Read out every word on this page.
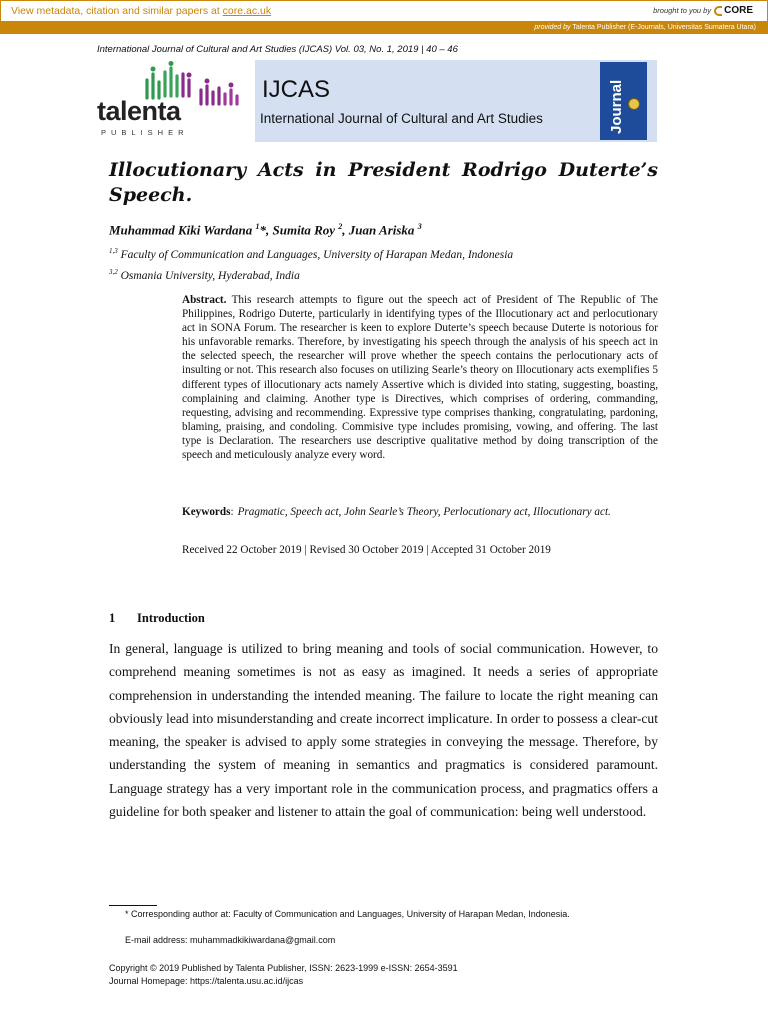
View metadata, citation and similar papers at core.ac.uk	brought to you by CORE
provided by Talenta Publisher (E-Journals, Universitas Sumatera Utara)
International Journal of Cultural and Art Studies (IJCAS) Vol. 03, No. 1, 2019 | 40 – 46
talenta
PUBLISHER
IJCAS
International Journal of Cultural and Art Studies	Journal
Illocutionary Acts in President Rodrigo Duterte’s
Speech.
Muhammad Kiki Wardana $^1$*, Sumita Roy $^2$, Juan Ariska $^3$
$^{1,3}$ Faculty of Communication and Languages, University of Harapan Medan, Indonesia
$^{3,2}$ Osmania University, Hyderabad, India
Abstract. This research attempts to figure out the speech act of President of The Republic of The Philippines, Rodrigo Duterte, particularly in identifying types of the Illocutionary act and perlocutionary act in SONA Forum. The researcher is keen to explore Duterte’s speech because Duterte is notorious for his unfavorable remarks. Therefore, by investigating his speech through the analysis of his speech act in the selected speech, the researcher will prove whether the speech contains the perlocutionary acts of insulting or not. This research also focuses on utilizing Searle’s theory on Illocutionary acts exemplifies 5 different types of illocutionary acts namely Assertive which is divided into stating, suggesting, boasting, complaining and claiming. Another type is Directives, which comprises of ordering, commanding, requesting, advising and recommending. Expressive type comprises thanking, congratulating, pardoning, blaming, praising, and condoling. Commisive type includes promising, vowing, and offering. The last type is Declaration. The researchers use descriptive qualitative method by doing transcription of the speech and meticulously analyze every word.
Keywords : Pragmatic, Speech act, John Searle’s Theory, Perlocutionary act, Illocutionary act.
Received 22 October 2019 | Revised 30 October 2019 | Accepted 31 October 2019
1 Introduction
In general, language is utilized to bring meaning and tools of social communication. However, to comprehend meaning sometimes is not as easy as imagined. It needs a series of appropriate comprehension in understanding the intended meaning. The failure to locate the right meaning can obviously lead into misunderstanding and create incorrect implicature. In order to possess a clear-cut meaning, the speaker is advised to apply some strategies in conveying the message. Therefore, by understanding the system of meaning in semantics and pragmatics is considered paramount. Language strategy has a very important role in the communication process, and pragmatics offers a guideline for both speaker and listener to attain the goal of communication: being well understood.
* Corresponding author at: Faculty of Communication and Languages, University of Harapan Medan, Indonesia.
E-mail address: muhammadkikiwardana@gmail.com
Copyright © 2019 Published by Talenta Publisher, ISSN: 2623-1999 e-ISSN: 2654-3591
Journal Homepage: https://talenta.usu.ac.id/ijcas
